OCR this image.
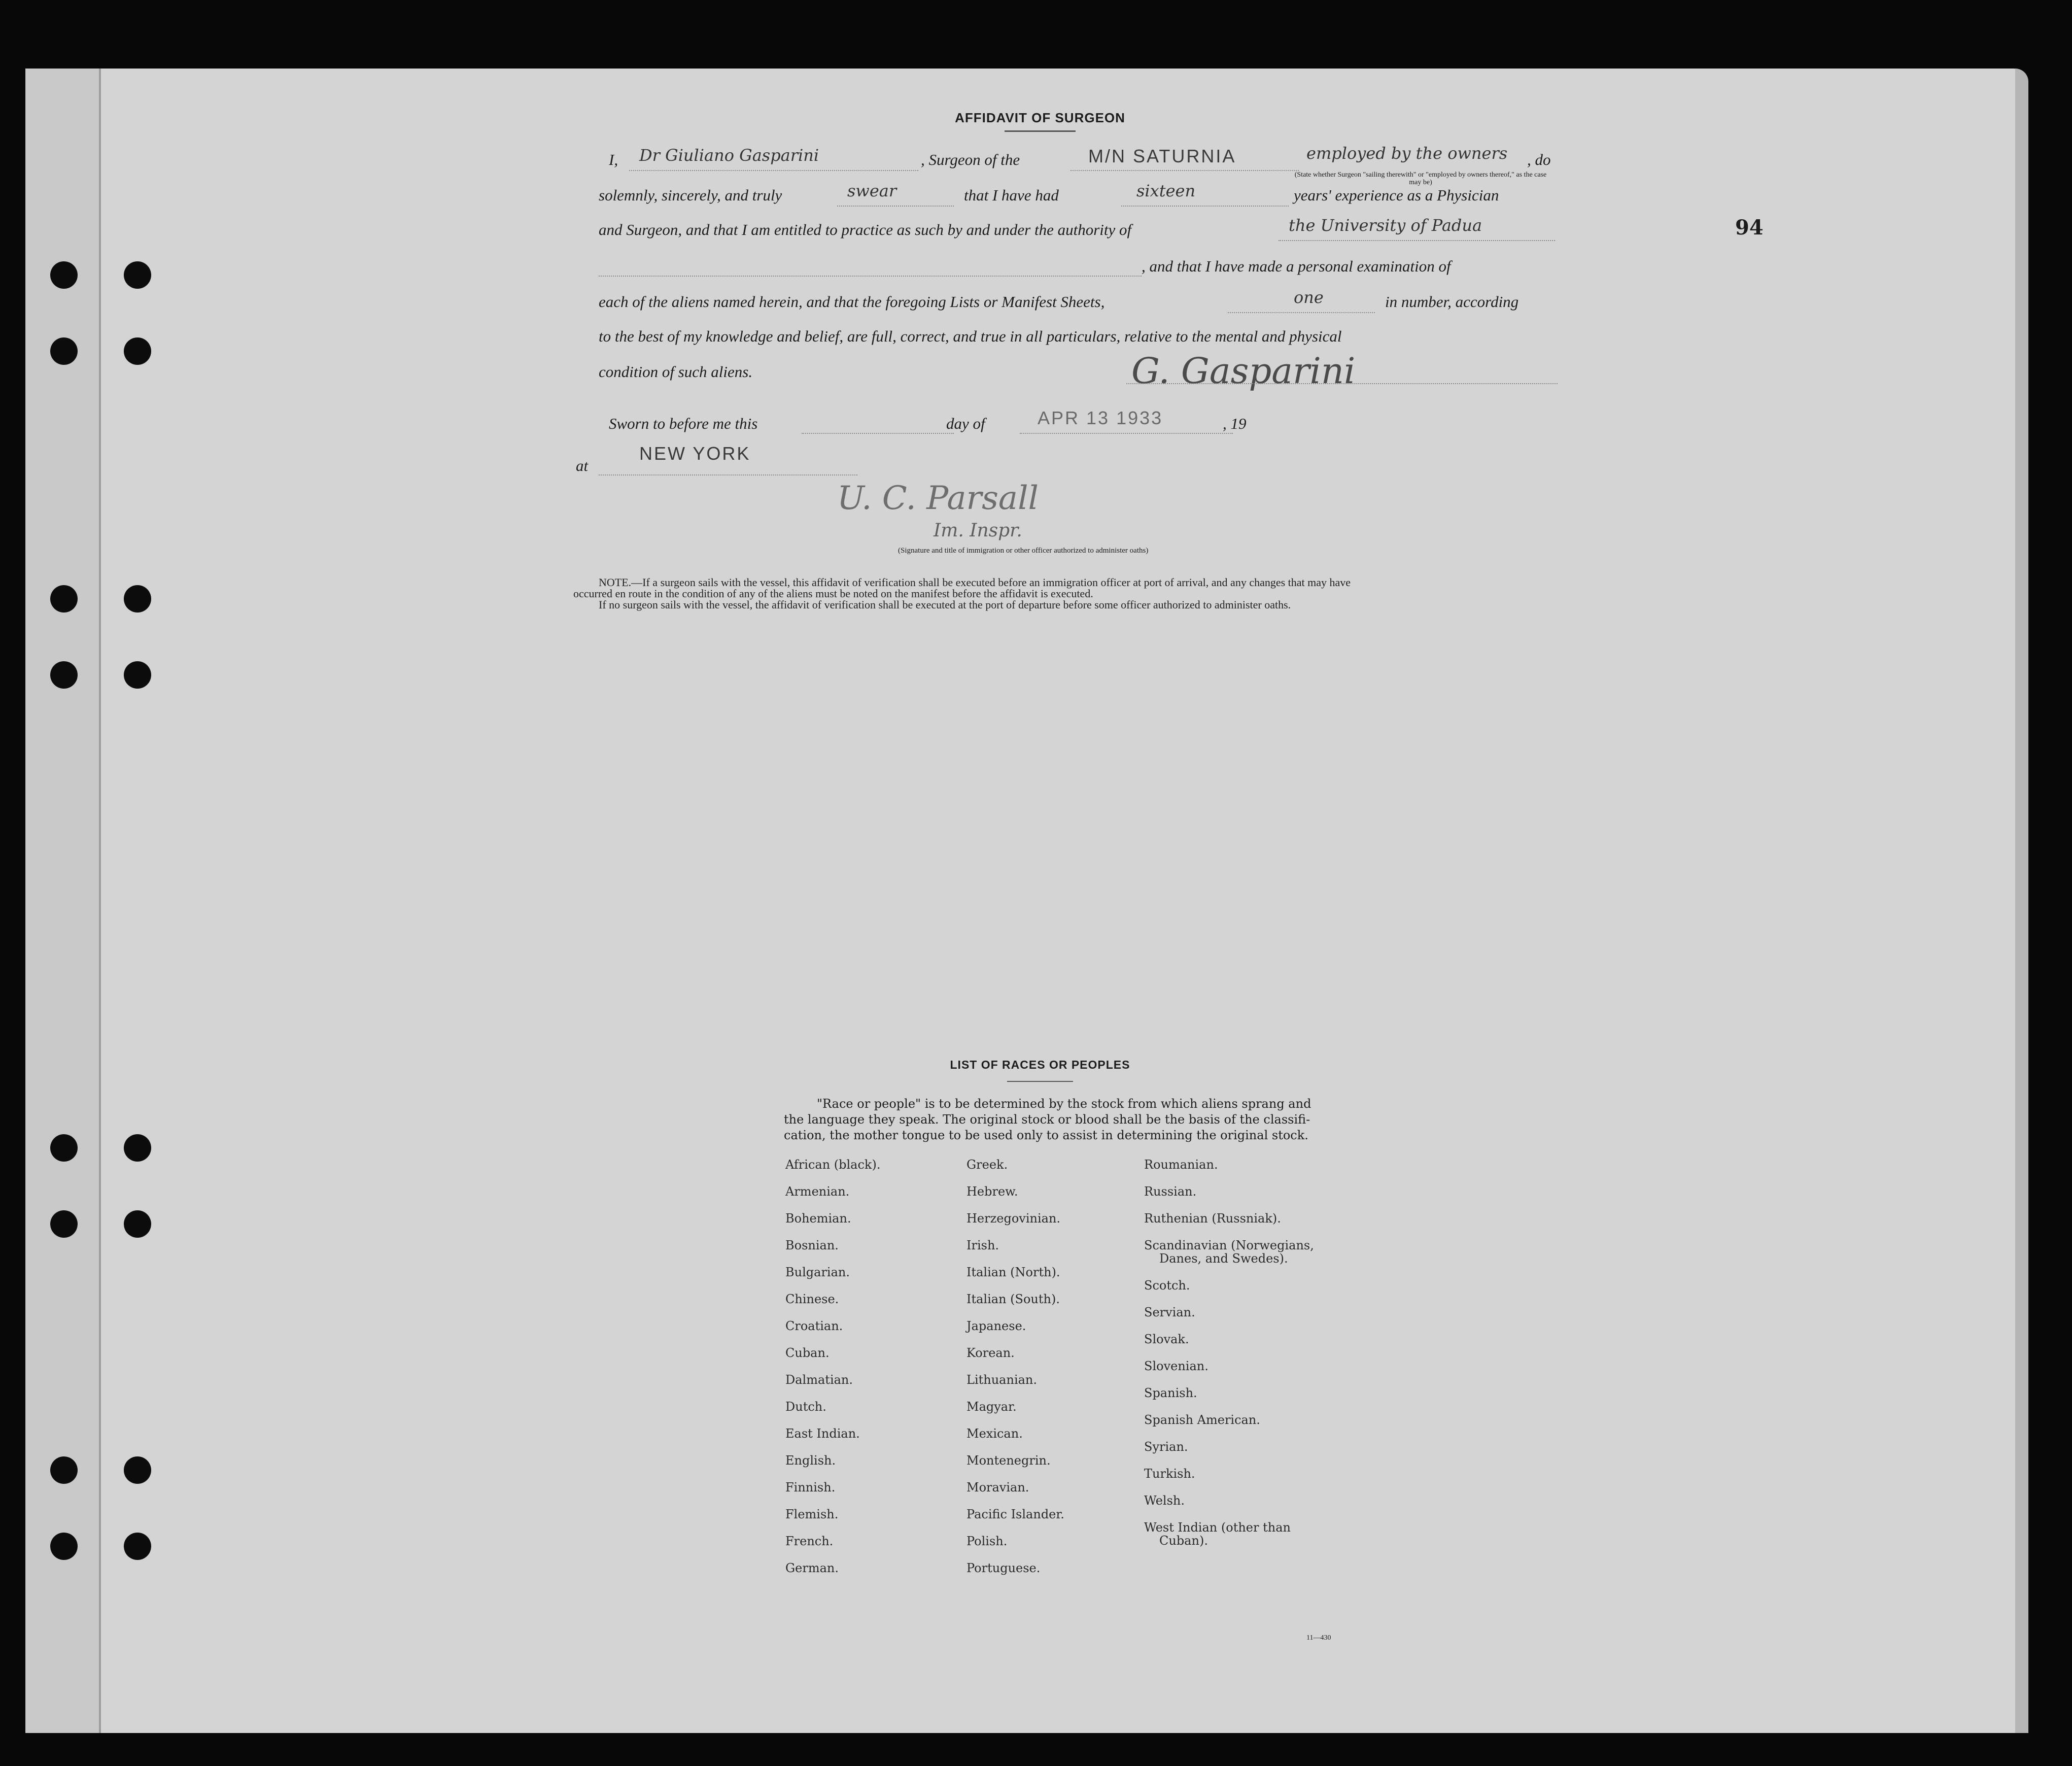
94
AFFIDAVIT OF SURGEON
I, Dr Giuliano Gasparini	, Surgeon of the	M/N SATURNIA	employed by the owners , do
(State whether Surgeon "sailing therewith" or "employed by owners thereof," as the case may be)
solemnly, sincerely, and truly	swear	that I have had	sixteen	years' experience as a Physician
and Surgeon, and that I am entitled to practice as such by and under the authority of	the University of Padua
, and that I have made a personal examination of
each of the aliens named herein, and that the foregoing Lists or Manifest Sheets,	one	in number, according
to the best of my knowledge and belief, are full, correct, and true in all particulars, relative to the mental and physical
condition of such aliens.	G. Gasparini
Sworn to before me this	day of	APR 13 1933	, 19
at
NEW YORK
U. C. Parsall
Im. Inspr.
(Signature and title of immigration or other officer authorized to administer oaths)
NOTE.—If a surgeon sails with the vessel, this affidavit of verification shall be executed before an immigration officer at port of arrival, and any changes that may have
occurred en route in the condition of any of the aliens must be noted on the manifest before the affidavit is executed.
If no surgeon sails with the vessel, the affidavit of verification shall be executed at the port of departure before some officer authorized to administer oaths.
LIST OF RACES OR PEOPLES
"Race or people" is to be determined by the stock from which aliens sprang and
the language they speak. The original stock or blood shall be the basis of the classifi-
cation, the mother tongue to be used only to assist in determining the original stock.
African (black).
Armenian.
Bohemian.
Bosnian.
Bulgarian.
Chinese.
Croatian.
Cuban.
Dalmatian.
Dutch.
East Indian.
English.
Finnish.
Flemish.
French.
German.
Greek.
Hebrew.
Herzegovinian.
Irish.
Italian (North).
Italian (South).
Japanese.
Korean.
Lithuanian.
Magyar.
Mexican.
Montenegrin.
Moravian.
Pacific Islander.
Polish.
Portuguese.
Roumanian.
Russian.
Ruthenian (Russniak).
Scandinavian (Norwegians,
Danes, and Swedes).
Scotch.
Servian.
Slovak.
Slovenian.
Spanish.
Spanish American.
Syrian.
Turkish.
Welsh.
West Indian (other than
Cuban).
11—430
